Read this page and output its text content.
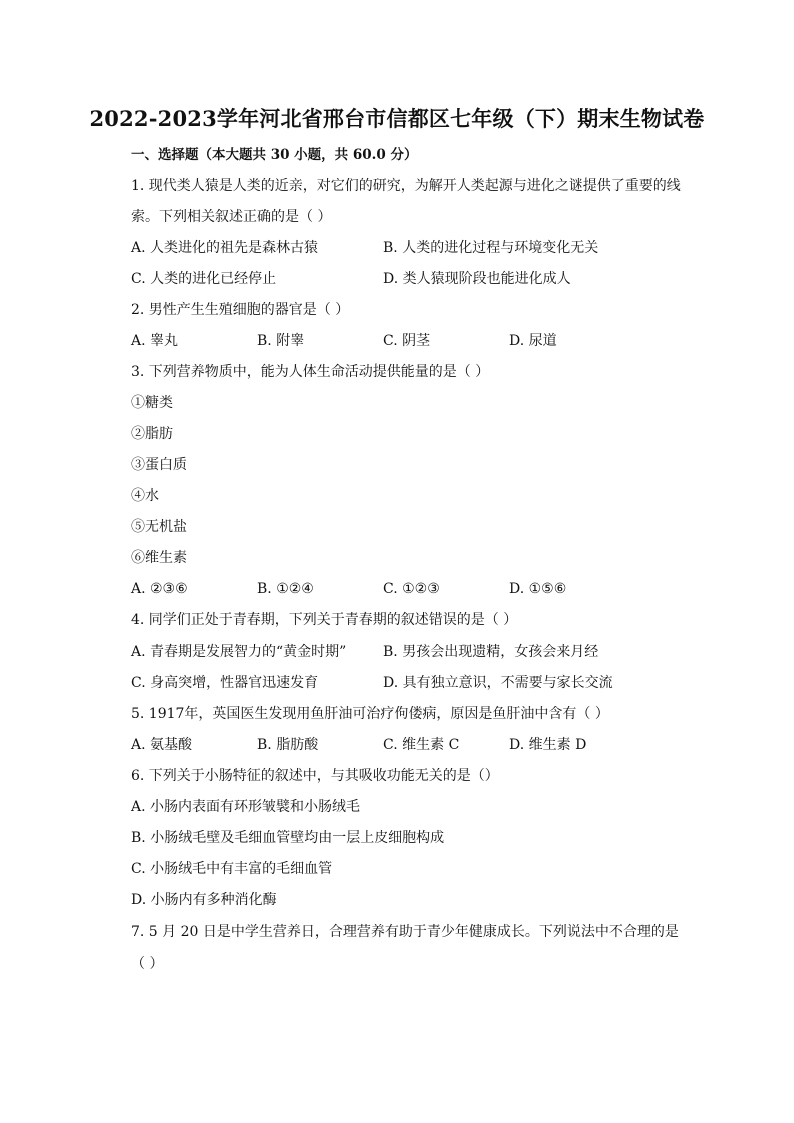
2022-2023学年河北省邢台市信都区七年级（下）期末生物试卷
一、选择题（本大题共 30 小题，共 60.0 分）
1. 现代类人猿是人类的近亲，对它们的研究，为解开人类起源与进化之谜提供了重要的线
索。下列相关叙述正确的是（ ）
A. 人类进化的祖先是森林古猿	B. 人类的进化过程与环境变化无关
C. 人类的进化已经停止	D. 类人猿现阶段也能进化成人
2. 男性产生生殖细胞的器官是（ ）
A. 睾丸	B. 附睾	C. 阴茎	D. 尿道
3. 下列营养物质中，能为人体生命活动提供能量的是（ ）
①糖类
②脂肪
③蛋白质
④水
⑤无机盐
⑥维生素
A. ②③⑥	B. ①②④	C. ①②③	D. ①⑤⑥
4. 同学们正处于青春期，下列关于青春期的叙述错误的是（ ）
A. 青春期是发展智力的“黄金时期”	B. 男孩会出现遗精，女孩会来月经
C. 身高突增，性器官迅速发育	D. 具有独立意识，不需要与家长交流
5. 1917年，英国医生发现用鱼肝油可治疗佝偻病，原因是鱼肝油中含有（ ）
A. 氨基酸	B. 脂肪酸	C. 维生素 C	D. 维生素 D
6. 下列关于小肠特征的叙述中，与其吸收功能无关的是（）
A. 小肠内表面有环形皱襞和小肠绒毛
B. 小肠绒毛壁及毛细血管壁均由一层上皮细胞构成
C. 小肠绒毛中有丰富的毛细血管
D. 小肠内有多种消化酶
7. 5 月 20 日是中学生营养日，合理营养有助于青少年健康成长。下列说法中不合理的是
（ ）
